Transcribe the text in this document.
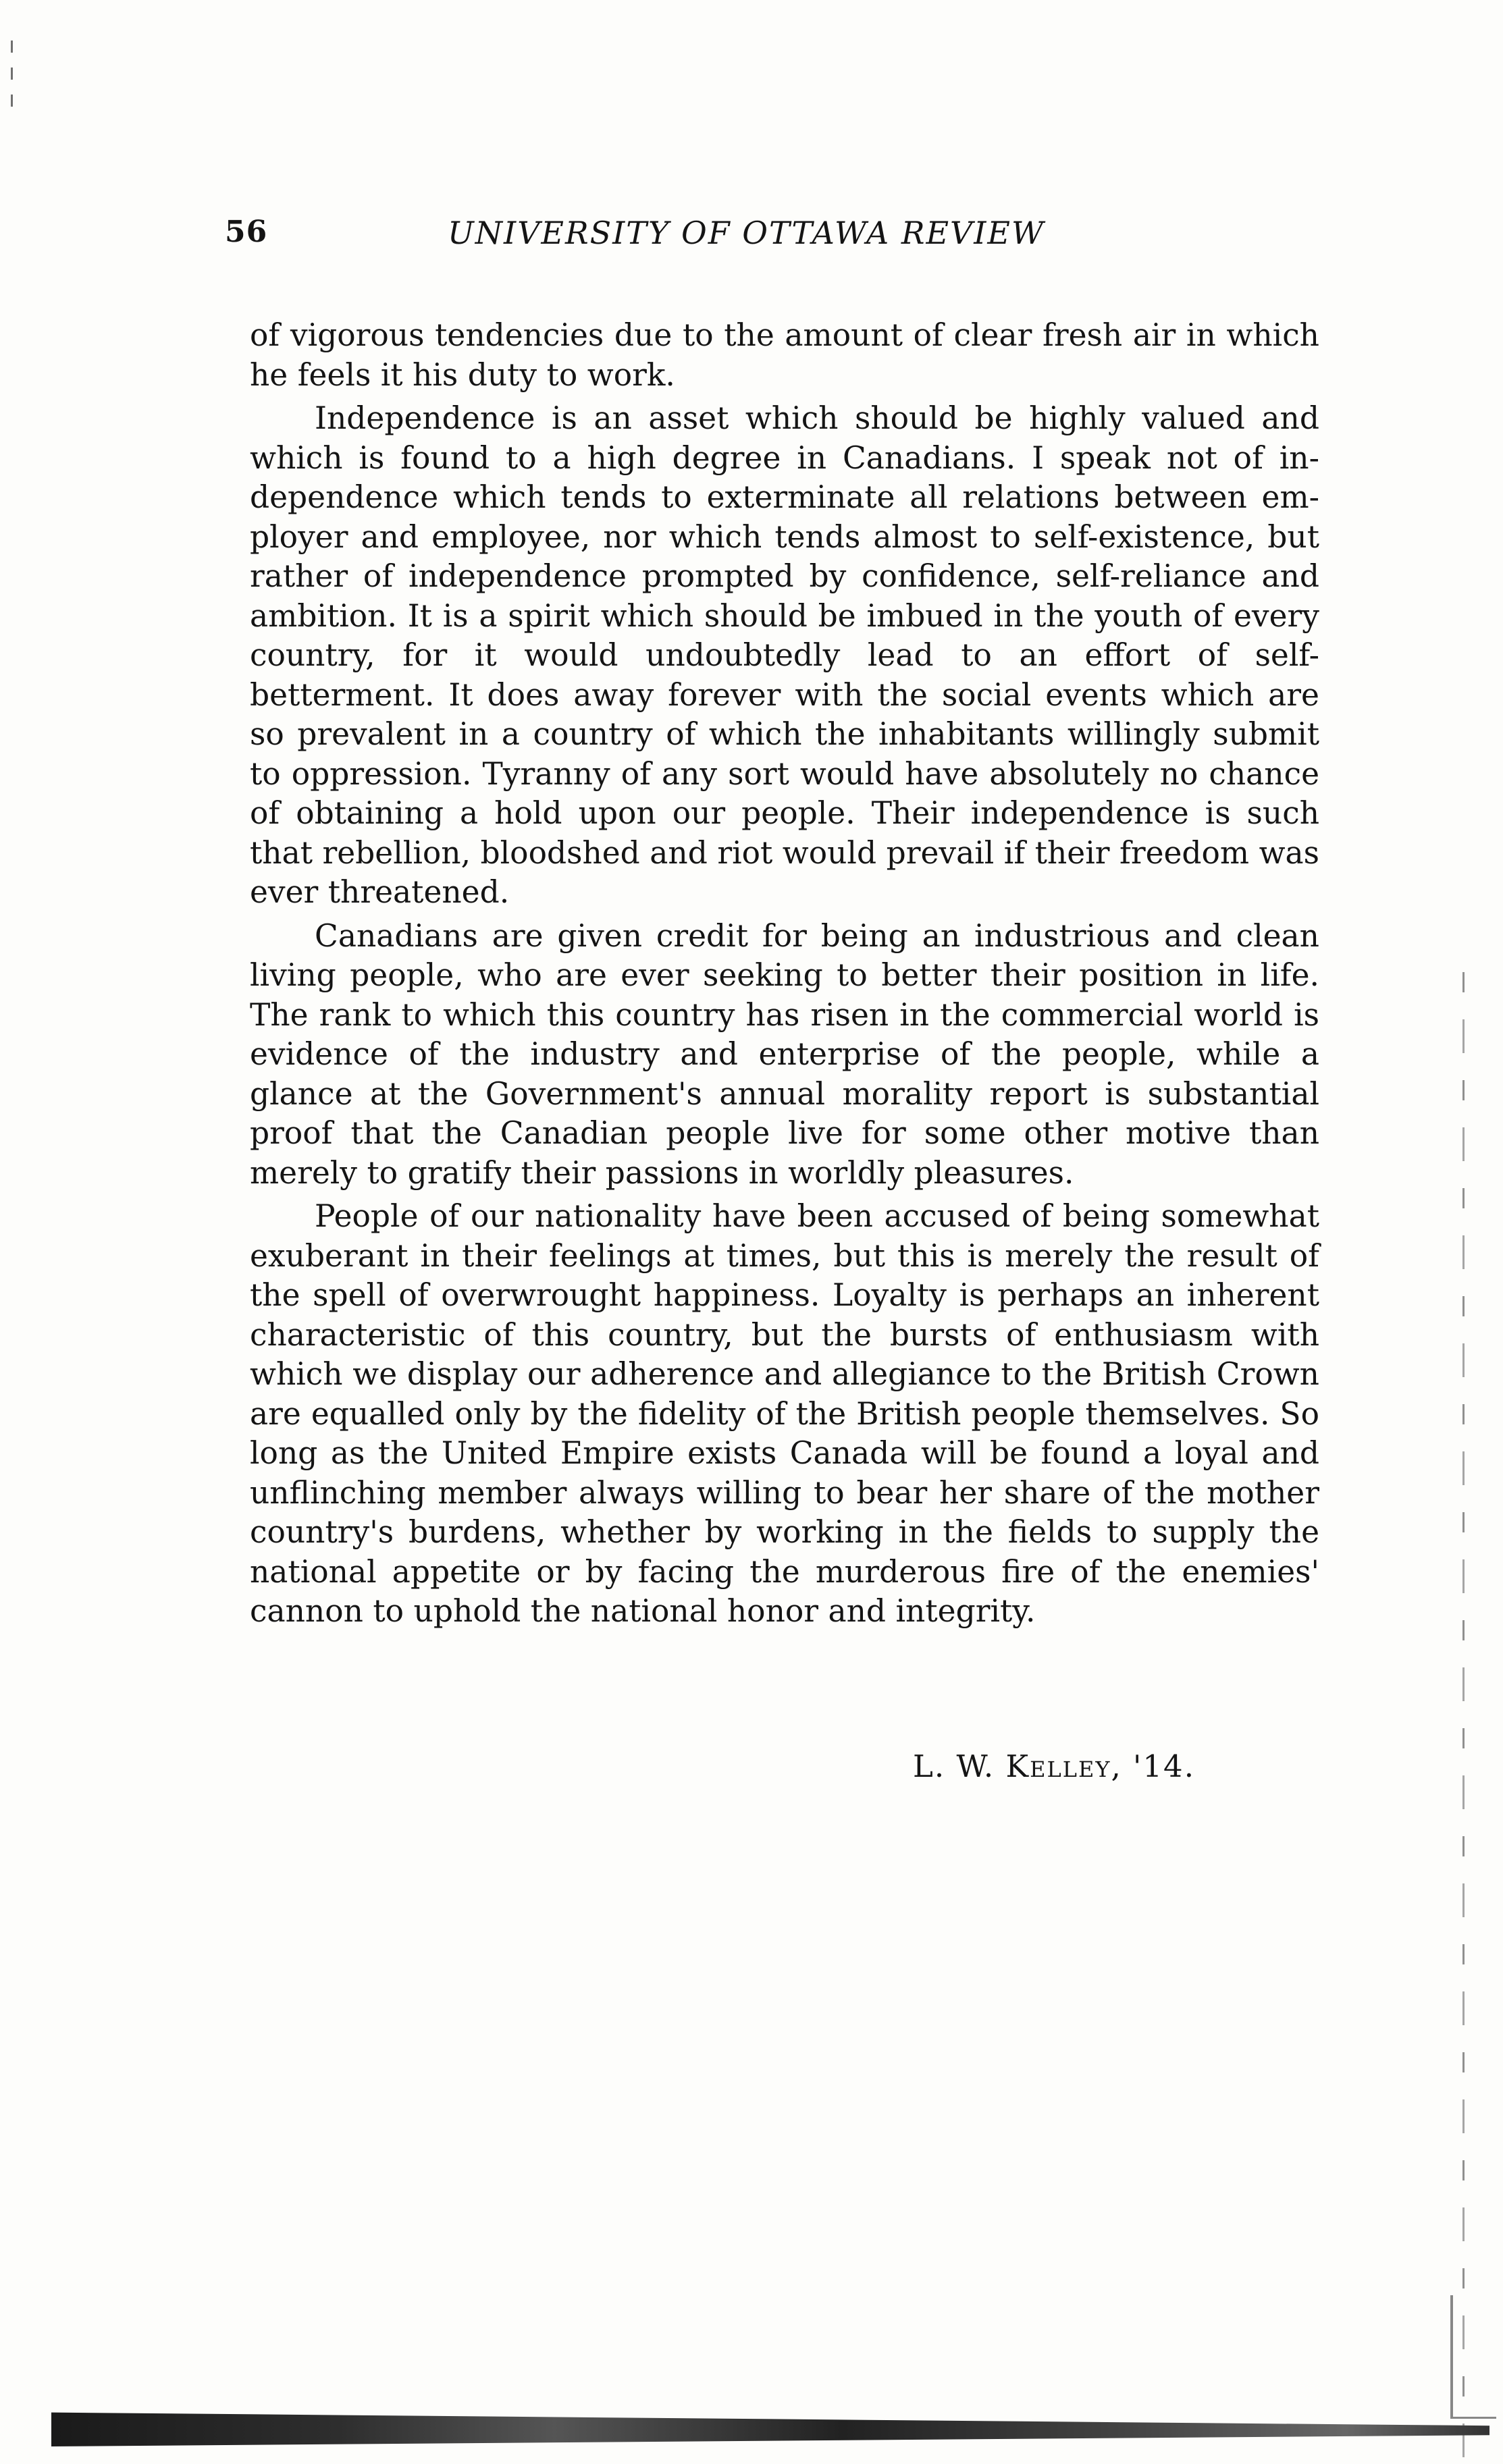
56	UNIVERSITY OF OTTAWA REVIEW

of vigorous tendencies due to the amount of clear fresh air in which he feels it his duty to work.

Independence is an asset which should be highly valued and which is found to a high degree in Canadians. I speak not of independence which tends to exterminate all relations between employer and employee, nor which tends almost to self-existence, but rather of independence prompted by confidence, self-reliance and ambition. It is a spirit which should be imbued in the youth of every country, for it would undoubtedly lead to an effort of self-betterment. It does away forever with the social events which are so prevalent in a country of which the inhabitants willingly submit to oppression. Tyranny of any sort would have absolutely no chance of obtaining a hold upon our people. Their independence is such that rebellion, bloodshed and riot would prevail if their freedom was ever threatened.

Canadians are given credit for being an industrious and clean living people, who are ever seeking to better their position in life. The rank to which this country has risen in the commercial world is evidence of the industry and enterprise of the people, while a glance at the Government's annual morality report is substantial proof that the Canadian people live for some other motive than merely to gratify their passions in worldly pleasures.

People of our nationality have been accused of being somewhat exuberant in their feelings at times, but this is merely the result of the spell of overwrought happiness. Loyalty is perhaps an inherent characteristic of this country, but the bursts of enthusiasm with which we display our adherence and allegiance to the British Crown are equalled only by the fidelity of the British people themselves. So long as the United Empire exists Canada will be found a loyal and unflinching member always willing to bear her share of the mother country's burdens, whether by working in the fields to supply the national appetite or by facing the murderous fire of the enemies' cannon to uphold the national honor and integrity.

L. W. Kelley, '14.
